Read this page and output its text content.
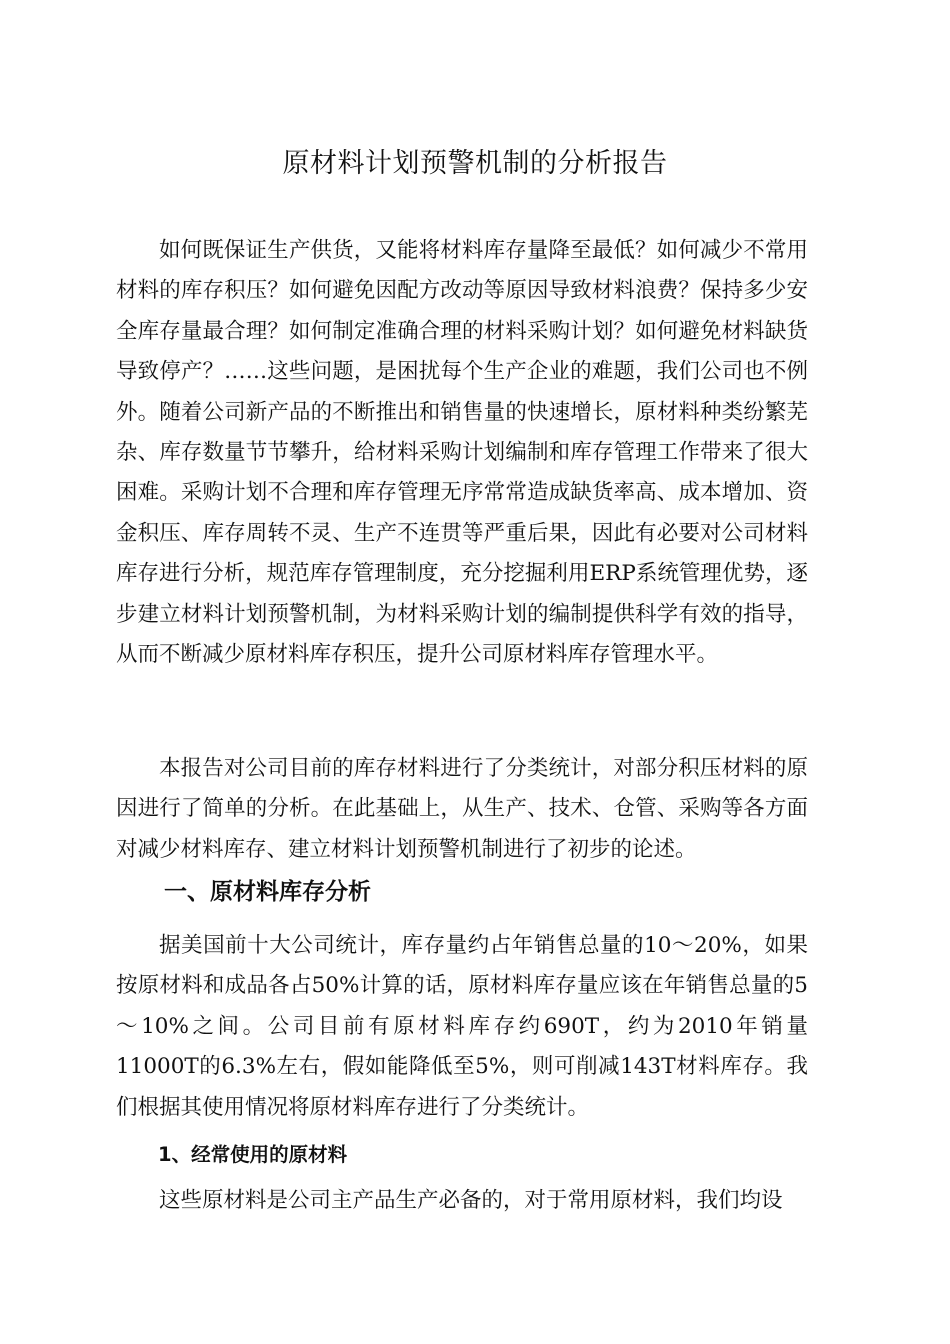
原材料计划预警机制的分析报告

如何既保证生产供货，又能将材料库存量降至最低？如何减少不常用材料的库存积压？如何避免因配方改动等原因导致材料浪费？保持多少安全库存量最合理？如何制定准确合理的材料采购计划？如何避免材料缺货导致停产？……这些问题，是困扰每个生产企业的难题，我们公司也不例外。随着公司新产品的不断推出和销售量的快速增长，原材料种类纷繁芜杂、库存数量节节攀升，给材料采购计划编制和库存管理工作带来了很大困难。采购计划不合理和库存管理无序常常造成缺货率高、成本增加、资金积压、库存周转不灵、生产不连贯等严重后果，因此有必要对公司材料库存进行分析，规范库存管理制度，充分挖掘利用ERP系统管理优势，逐步建立材料计划预警机制，为材料采购计划的编制提供科学有效的指导，从而不断减少原材料库存积压，提升公司原材料库存管理水平。

本报告对公司目前的库存材料进行了分类统计，对部分积压材料的原因进行了简单的分析。在此基础上，从生产、技术、仓管、采购等各方面对减少材料库存、建立材料计划预警机制进行了初步的论述。

一、原材料库存分析

据美国前十大公司统计，库存量约占年销售总量的10～20%，如果按原材料和成品各占50%计算的话，原材料库存量应该在年销售总量的5～10%之间。公司目前有原材料库存约690T，约为2010年销量11000T的6.3%左右，假如能降低至5%，则可削减143T材料库存。我们根据其使用情况将原材料库存进行了分类统计。

1、经常使用的原材料

这些原材料是公司主产品生产必备的，对于常用原材料，我们均设
